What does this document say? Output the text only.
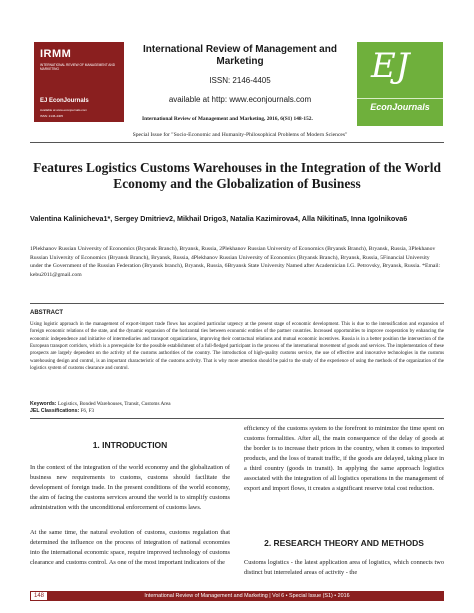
IRMM
INTERNATIONAL REVIEW OF MANAGEMENT AND MARKETING
EJ EconJournals
Available at www.econjournals.com
ISSN: 2146-4405
International Review of Management and Marketing
ISSN: 2146-4405
available at http: www.econjournals.com
International Review of Management and Marketing, 2016, 6(S1) 148-152.
EJ
EconJournals
Special Issue for "Socio-Economic and Humanity-Philosophical Problems of Modern Sciences"
Features Logistics Customs Warehouses in the Integration of the World Economy and the Globalization of Business
Valentina Kalinicheva1*, Sergey Dmitriev2, Mikhail Drigo3, Natalia Kazimirova4, Alla Nikitina5, Inna Igolnikova6
1Plekhanov Russian University of Economics (Bryansk Branch), Bryansk, Russia, 2Plekhanov Russian University of Economics (Bryansk Branch), Bryansk, Russia, 3Plekhanov Russian University of Economics (Bryansk Branch), Bryansk, Russia, 4Plekhanov Russian University of Economics (Bryansk Branch), Bryansk, Russia, 5Financial University under the Government of the Russian Federation (Bryansk branch), Bryansk, Russia, 6Bryansk State University Named after Academician I.G. Petrovsky, Bryansk, Russia. *Email: kebu2011@gmail.com
ABSTRACT
Using logistic approach in the management of export-import trade flows has acquired particular urgency at the present stage of economic development. This is due to the intensification and expansion of foreign economic relations of the state, and the dynamic expansion of the horizontal ties between economic entities of the partner countries. Increased opportunities to improve cooperation by enhancing the economic independence and initiative of intermediaries and transport organizations, improving their contractual relations and mutual economic incentives. Russia is in a better position the intersection of the European transport corridors, which is a prerequisite for the possible establishment of a full-fledged participant in the process of the international movement of goods and services. The implementation of these prospects are largely dependent on the activity of the customs authorities of the country. The introduction of high-quality customs service, the use of effective and innovative technologies in the customs warehousing design and control, is an important characteristic of the customs activity. That is why more attention should be paid to the study of the experience of using the methods of the organization of the logistics system of customs clearance and control.
Keywords: Logistics, Bonded Warehouses, Transit, Customs Area
JEL Classifications: F6, F3
1. INTRODUCTION
In the context of the integration of the world economy and the globalization of business new requirements to customs, customs should facilitate the development of foreign trade. In the present conditions of the world economy, the aim of facing the customs services around the world is to simplify customs administration with the unconditional enforcement of customs laws.
At the same time, the natural evolution of customs, customs regulation that determined the influence on the process of integration of national economies into the international economic space, require improved technology of customs clearance and customs control. As one of the most important indicators of the
efficiency of the customs system to the forefront to minimize the time spent on customs formalities. After all, the main consequence of the delay of goods at the border is to increase their prices in the country, when it comes to imported products, and the loss of transit traffic, if the goods are delayed, taking place in a third country (goods in transit). In applying the same approach logistics associated with the integration of all logistics operations in the management of export and import flows, it creates a significant reserve total cost reduction.
2. RESEARCH THEORY AND METHODS
Customs logistics - the latest application area of logistics, which connects two distinct but interrelated areas of activity - the
148	International Review of Management and Marketing | Vol 6 • Special Issue (S1) • 2016
